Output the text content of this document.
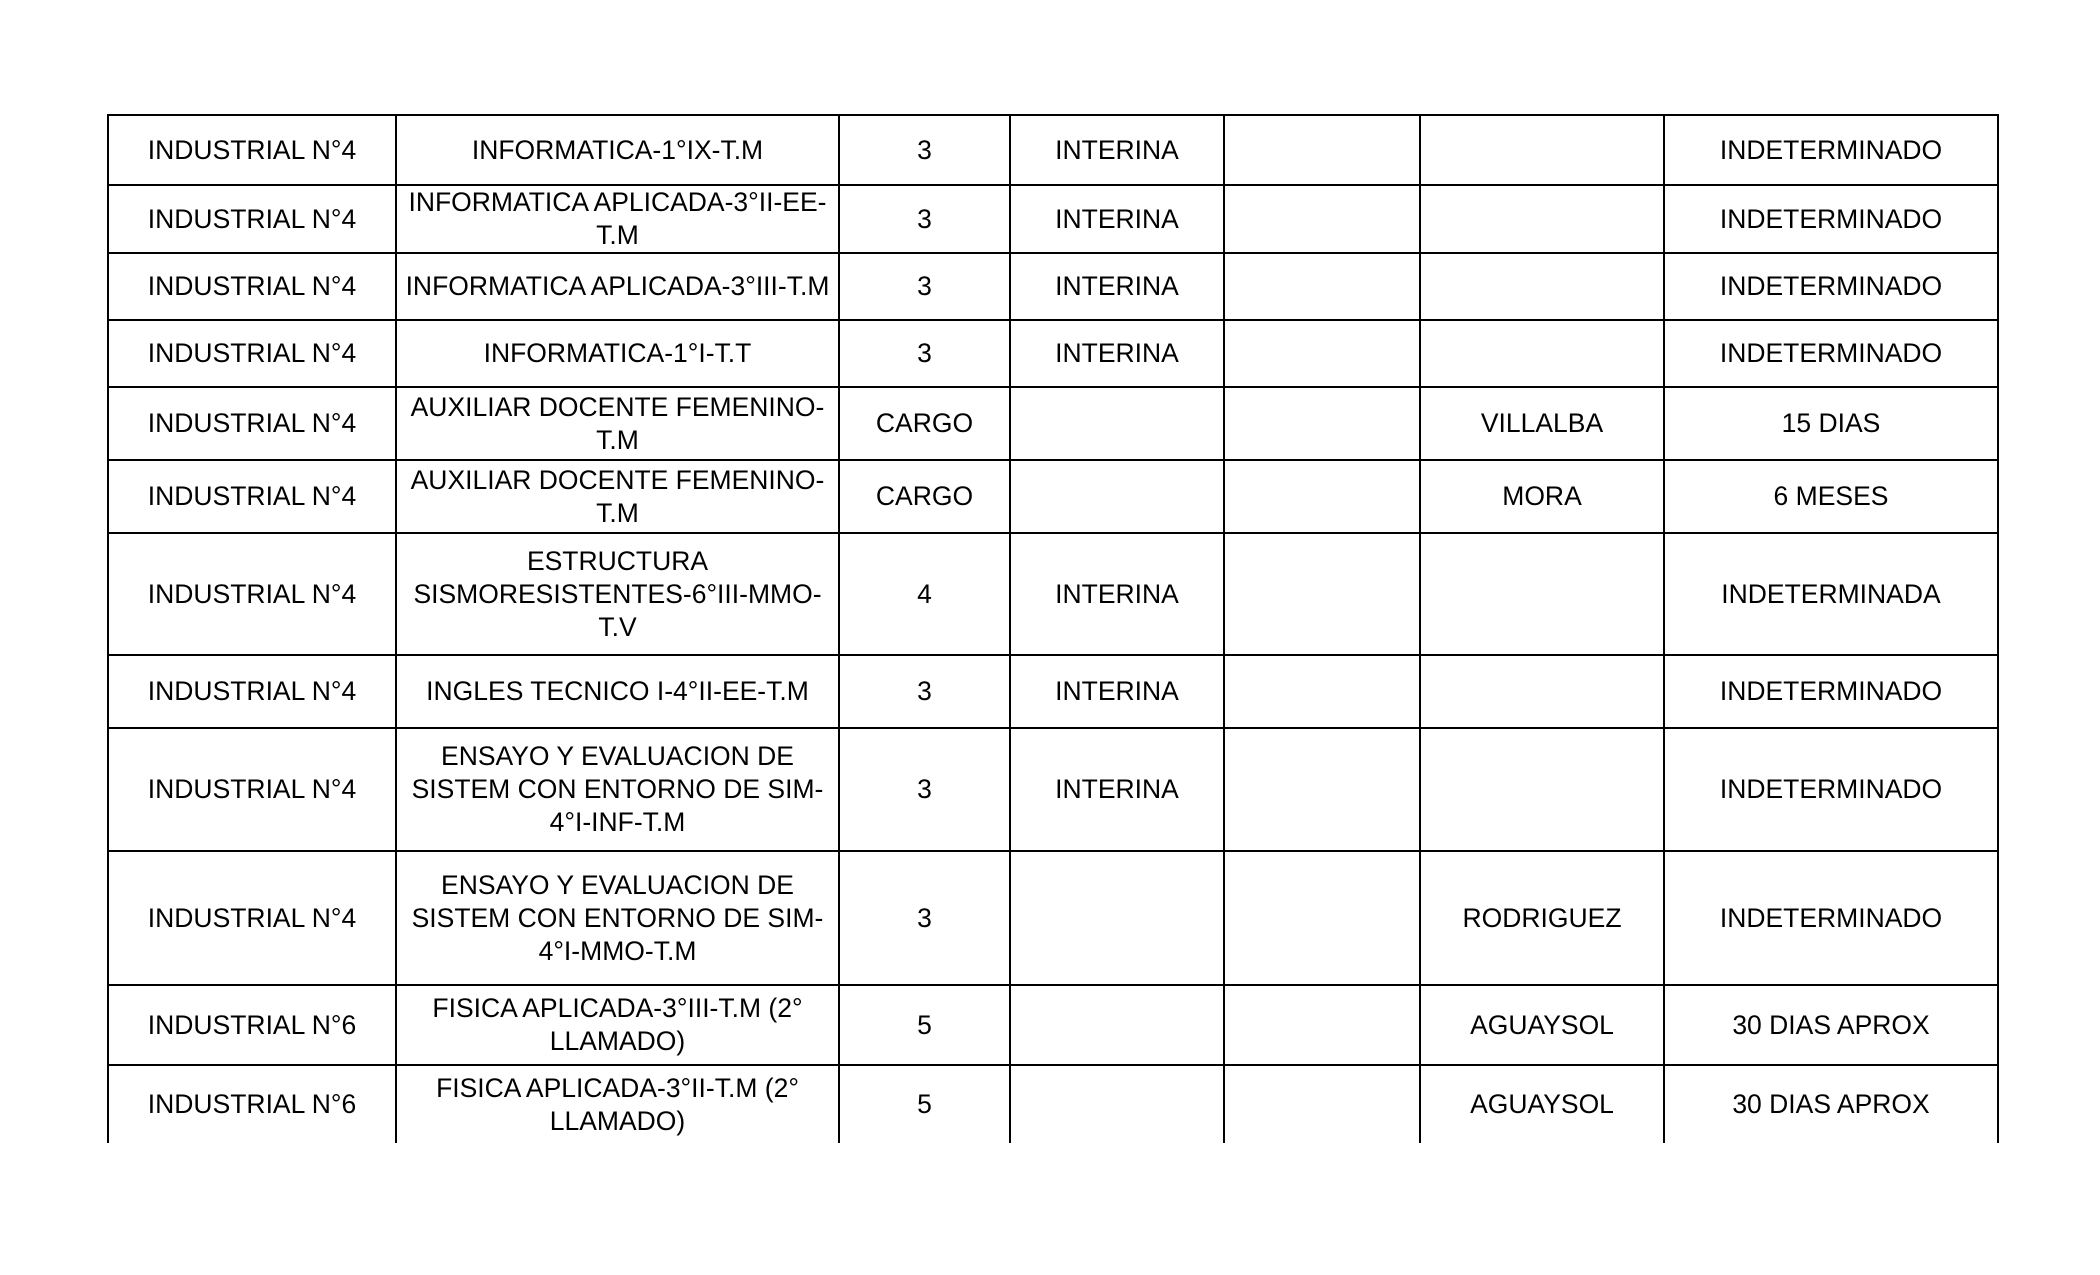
INDUSTRIAL N°4	INFORMATICA-1°IX-T.M	3	INTERINA			INDETERMINADO
INDUSTRIAL N°4	INFORMATICA APLICADA-3°II-EE-T.M	3	INTERINA			INDETERMINADO
INDUSTRIAL N°4	INFORMATICA APLICADA-3°III-T.M	3	INTERINA			INDETERMINADO
INDUSTRIAL N°4	INFORMATICA-1°I-T.T	3	INTERINA			INDETERMINADO
INDUSTRIAL N°4	AUXILIAR DOCENTE FEMENINO-T.M	CARGO			VILLALBA	15 DIAS
INDUSTRIAL N°4	AUXILIAR DOCENTE FEMENINO-T.M	CARGO			MORA	6 MESES
INDUSTRIAL N°4	ESTRUCTURA SISMORESISTENTES-6°III-MMO-T.V	4	INTERINA			INDETERMINADA
INDUSTRIAL N°4	INGLES TECNICO I-4°II-EE-T.M	3	INTERINA			INDETERMINADO
INDUSTRIAL N°4	ENSAYO Y EVALUACION DE SISTEM CON ENTORNO DE SIM-4°I-INF-T.M	3	INTERINA			INDETERMINADO
INDUSTRIAL N°4	ENSAYO Y EVALUACION DE SISTEM CON ENTORNO DE SIM-4°I-MMO-T.M	3			RODRIGUEZ	INDETERMINADO
INDUSTRIAL N°6	FISICA APLICADA-3°III-T.M (2° LLAMADO)	5			AGUAYSOL	30 DIAS APROX
INDUSTRIAL N°6	FISICA APLICADA-3°II-T.M (2° LLAMADO)	5			AGUAYSOL	30 DIAS APROX
